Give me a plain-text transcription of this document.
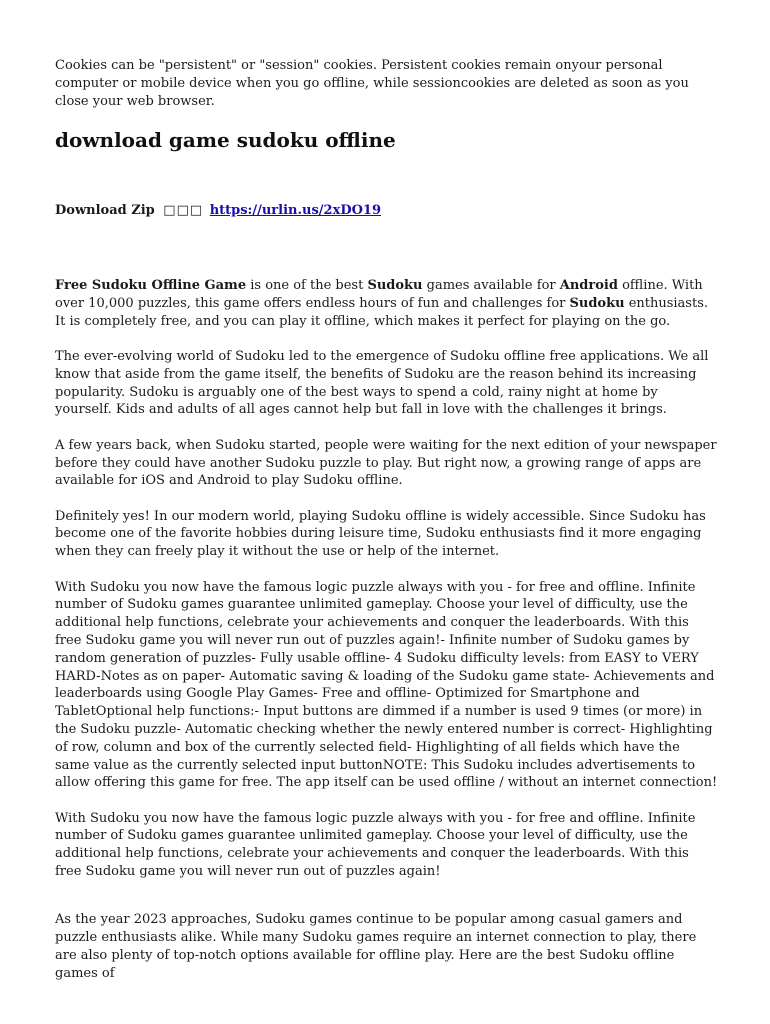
Cookies can be "persistent" or "session" cookies. Persistent cookies remain onyour personal computer or mobile device when you go offline, while sessioncookies are deleted as soon as you close your web browser.

download game sudoku offline
Download Zip □□□ https://urlin.us/2xDO19

Free Sudoku Offline Game is one of the best Sudoku games available for Android offline. With over 10,000 puzzles, this game offers endless hours of fun and challenges for Sudoku enthusiasts. It is completely free, and you can play it offline, which makes it perfect for playing on the go.

The ever-evolving world of Sudoku led to the emergence of Sudoku offline free applications. We all know that aside from the game itself, the benefits of Sudoku are the reason behind its increasing popularity. Sudoku is arguably one of the best ways to spend a cold, rainy night at home by yourself. Kids and adults of all ages cannot help but fall in love with the challenges it brings.

A few years back, when Sudoku started, people were waiting for the next edition of your newspaper before they could have another Sudoku puzzle to play. But right now, a growing range of apps are available for iOS and Android to play Sudoku offline.

Definitely yes! In our modern world, playing Sudoku offline is widely accessible. Since Sudoku has become one of the favorite hobbies during leisure time, Sudoku enthusiasts find it more engaging when they can freely play it without the use or help of the internet.

With Sudoku you now have the famous logic puzzle always with you - for free and offline. Infinite number of Sudoku games guarantee unlimited gameplay. Choose your level of difficulty, use the additional help functions, celebrate your achievements and conquer the leaderboards. With this free Sudoku game you will never run out of puzzles again!- Infinite number of Sudoku games by random generation of puzzles- Fully usable offline- 4 Sudoku difficulty levels: from EASY to VERY HARD-Notes as on paper- Automatic saving & loading of the Sudoku game state- Achievements and leaderboards using Google Play Games- Free and offline- Optimized for Smartphone and TabletOptional help functions:- Input buttons are dimmed if a number is used 9 times (or more) in the Sudoku puzzle- Automatic checking whether the newly entered number is correct- Highlighting of row, column and box of the currently selected field- Highlighting of all fields which have the same value as the currently selected input buttonNOTE: This Sudoku includes advertisements to allow offering this game for free. The app itself can be used offline / without an internet connection!

With Sudoku you now have the famous logic puzzle always with you - for free and offline. Infinite number of Sudoku games guarantee unlimited gameplay. Choose your level of difficulty, use the additional help functions, celebrate your achievements and conquer the leaderboards. With this free Sudoku game you will never run out of puzzles again!

As the year 2023 approaches, Sudoku games continue to be popular among casual gamers and puzzle enthusiasts alike. While many Sudoku games require an internet connection to play, there are also plenty of top-notch options available for offline play. Here are the best Sudoku offline games of
